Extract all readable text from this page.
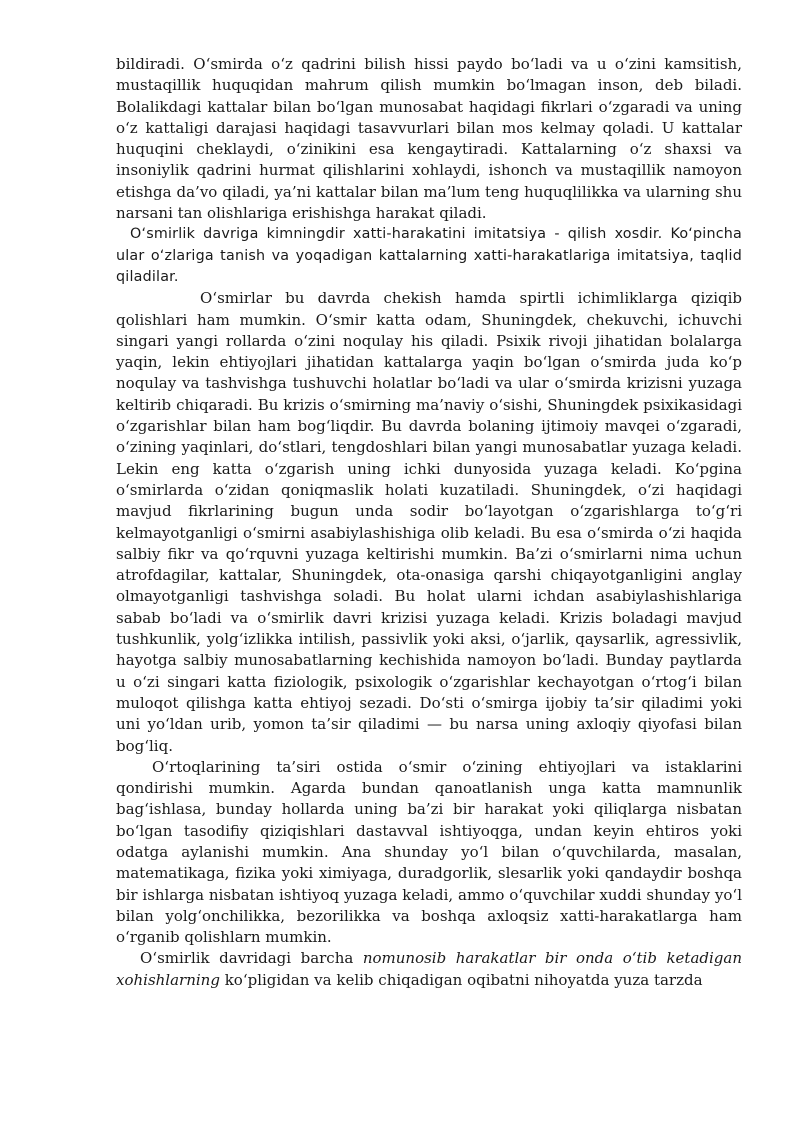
bildiradi. O‘smirda o‘z qadrini bilish hissi paydo bo‘ladi va u o‘zini kamsitish, mustaqillik huquqidan mahrum qilish mumkin bo‘lmagan inson, deb biladi. Bolalikdagi kattalar bilan bo‘lgan munosabat haqidagi fikrlari o‘zgaradi va uning o‘z kattaligi darajasi haqidagi tasavvurlari bilan mos kelmay qoladi. U kattalar huquqini cheklaydi, o‘zinikini esa kengaytiradi. Kattalarning o‘z shaxsi va insoniylik qadrini hurmat qilishlarini xohlaydi, ishonch va mustaqillik namoyon etishga da’vo qiladi, ya’ni kattalar bilan ma’lum teng huquqlilikka va ularning shu narsani tan olishlariga erishishga harakat qiladi.

O‘smirlik davriga kimningdir xatti-harakatini imitatsiya - qilish xosdir. Ko‘pincha ular o‘zlariga tanish va yoqadigan kattalarning xatti-harakatlariga imitatsiya, taqlid qiladilar.

O‘smirlar bu davrda chekish hamda spirtli ichimliklarga qiziqib qolishlari ham mumkin. O‘smir katta odam, Shuningdek, chekuvchi, ichuvchi singari yangi rollarda o‘zini noqulay his qiladi. Psixik rivoji jihatidan bolalarga yaqin, lekin ehtiyojlari jihatidan kattalarga yaqin bo‘lgan o‘smirda juda ko‘p noqulay va tashvishga tushuvchi holatlar bo‘ladi va ular o‘smirda krizisni yuzaga keltirib chiqaradi. Bu krizis o‘smirning ma’naviy o‘sishi, Shuningdek psixikasidagi o‘zgarishlar bilan ham bog‘liqdir. Bu davrda bolaning ijtimoiy mavqei o‘zgaradi, o‘zining yaqinlari, do‘stlari, tengdoshlari bilan yangi munosabatlar yuzaga keladi. Lekin eng katta o‘zgarish uning ichki dunyosida yuzaga keladi. Ko‘pgina o‘smirlarda o‘zidan qoniqmaslik holati kuzatiladi. Shuningdek, o‘zi haqidagi mavjud fikrlarining bugun unda sodir bo‘layotgan o‘zgarishlarga to‘g‘ri kelmayotganligi o‘smirni asabiylashishiga olib keladi. Bu esa o‘smirda o‘zi haqida salbiy fikr va qo‘rquvni yuzaga keltirishi mumkin. Ba’zi o‘smirlarni nima uchun atrofdagilar, kattalar, Shuningdek, ota-onasiga qarshi chiqayotganligini anglay olmayotganligi tashvishga soladi. Bu holat ularni ichdan asabiylashishlariga sabab bo‘ladi va o‘smirlik davri krizisi yuzaga keladi. Krizis boladagi mavjud tushkunlik, yolg‘izlikka intilish, passivlik yoki aksi, o‘jarlik, qaysarlik, agressivlik, hayotga salbiy munosabatlarning kechishida namoyon bo‘ladi. Bunday paytlarda u o‘zi singari katta fiziologik, psixologik o‘zgarishlar kechayotgan o‘rtog‘i bilan muloqot qilishga katta ehtiyoj sezadi. Do‘sti o‘smirga ijobiy ta’sir qiladimi yoki uni yo‘ldan urib, yomon ta’sir qiladimi — bu narsa uning axloqiy qiyofasi bilan bog‘liq.

O‘rtoqlarining ta’siri ostida o‘smir o‘zining ehtiyojlari va istaklarini qondirishi mumkin. Agarda bundan qanoatlanish unga katta mamnunlik bag‘ishlasa, bunday hollarda uning ba’zi bir harakat yoki qiliqlarga nisbatan bo‘lgan tasodifiy qiziqishlari dastavval ishtiyoqga, undan keyin ehtiros yoki odatga aylanishi mumkin. Ana shunday yo‘l bilan o‘quvchilarda, masalan, matematikaga, fizika yoki ximiyaga, duradgorlik, slesarlik yoki qandaydir boshqa bir ishlarga nisbatan ishtiyoq yuzaga keladi, ammo o‘quvchilar xuddi shunday yo‘l bilan yolg‘onchilikka, bezorilikka va boshqa axloqsiz xatti-harakatlarga ham o‘rganib qolishlarn mumkin.

O‘smirlik davridagi barcha nomunosib harakatlar bir onda o‘tib ketadigan xohishlarning ko‘pligidan va kelib chiqadigan oqibatni nihoyatda yuza tarzda
